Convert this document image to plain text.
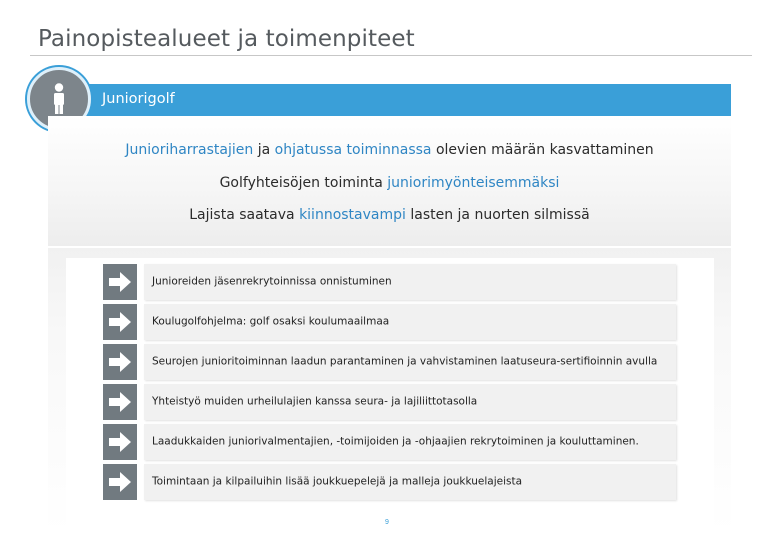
Painopistealueet ja toimenpiteet
Juniorigolf
Junioriharrastajien ja ohjatussa toiminnassa olevien määrän kasvattaminen
Golfyhteisöjen toiminta juniorimyönteisemmäksi
Lajista saatava kiinnostavampi lasten ja nuorten silmissä
Junioreiden jäsenrekrytoinnissa onnistuminen
Koulugolfohjelma: golf osaksi koulumaailmaa
Seurojen junioritoiminnan laadun parantaminen ja vahvistaminen laatuseura-sertifioinnin avulla
Yhteistyö muiden urheilulajien kanssa seura- ja lajiliittotasolla
Laadukkaiden juniorivalmentajien, -toimijoiden ja -ohjaajien rekrytoiminen ja kouluttaminen.
Toimintaan ja kilpailuihin lisää joukkuepelejä ja malleja joukkuelajeista
9
